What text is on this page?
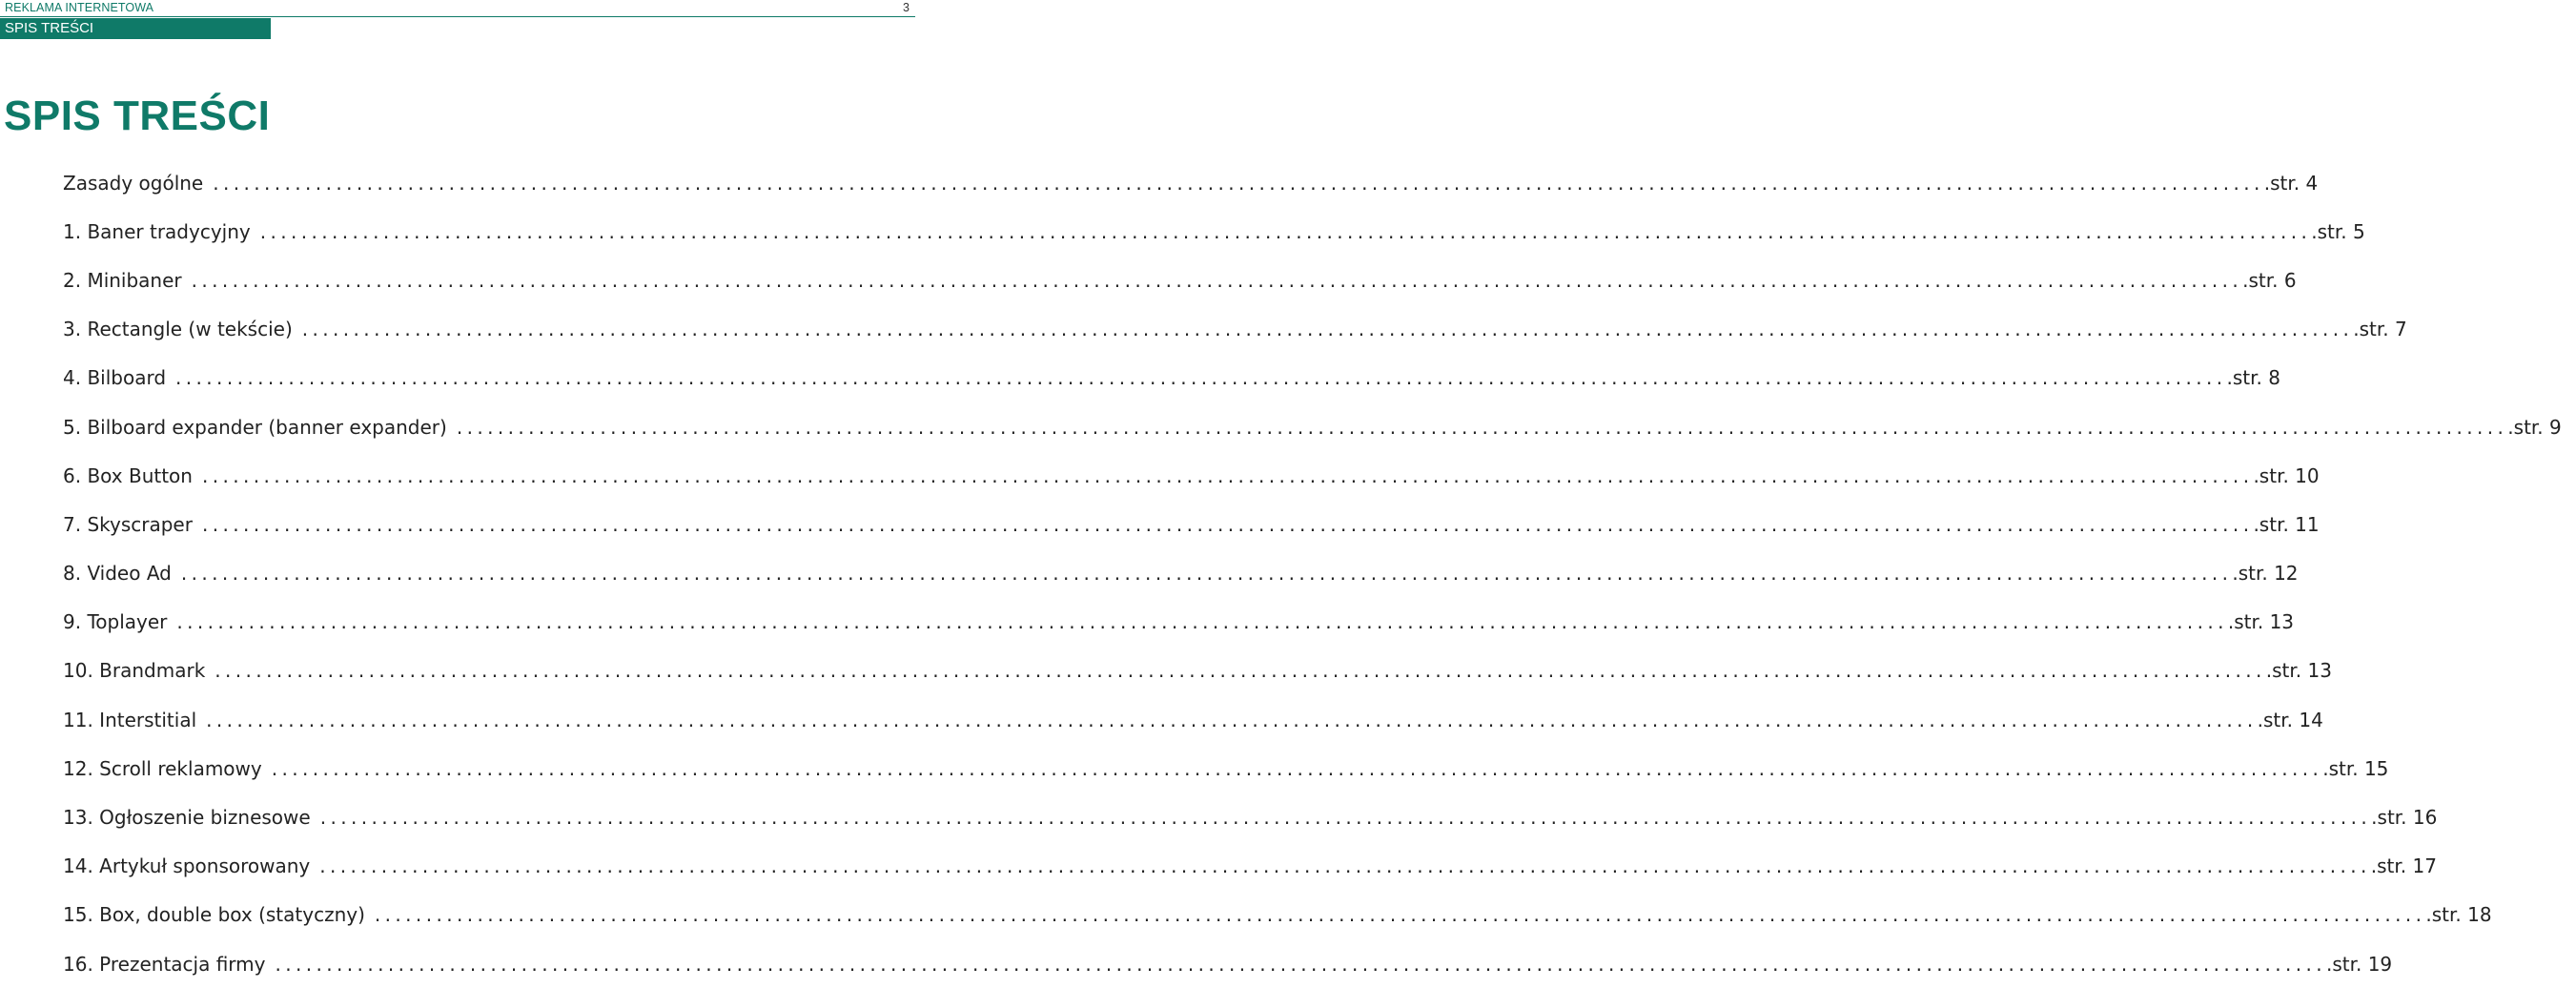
REKLAMA INTERNETOWA	3
SPIS TREŚCI
SPIS TREŚCI
Zasady ogólne ........................................................................................................................................................................................................ .str. 4
1. Baner tradycyjny ........................................................................................................................................................................................................ .str. 5
2. Minibaner ........................................................................................................................................................................................................ .str. 6
3. Rectangle (w tekście) ........................................................................................................................................................................................................ .str. 7
4. Bilboard ........................................................................................................................................................................................................ .str. 8
5. Bilboard expander (banner expander) ........................................................................................................................................................................................................ .str. 9
6. Box Button ........................................................................................................................................................................................................ .str. 10
7. Skyscraper ........................................................................................................................................................................................................ .str. 11
8. Video Ad ........................................................................................................................................................................................................ .str. 12
9. Toplayer ........................................................................................................................................................................................................ .str. 13
10. Brandmark ........................................................................................................................................................................................................ .str. 13
11. Interstitial ........................................................................................................................................................................................................ .str. 14
12. Scroll reklamowy ........................................................................................................................................................................................................ .str. 15
13. Ogłoszenie biznesowe ........................................................................................................................................................................................................ .str. 16
14. Artykuł sponsorowany ........................................................................................................................................................................................................ .str. 17
15. Box, double box (statyczny) ........................................................................................................................................................................................................ .str. 18
16. Prezentacja firmy ........................................................................................................................................................................................................ .str. 19
